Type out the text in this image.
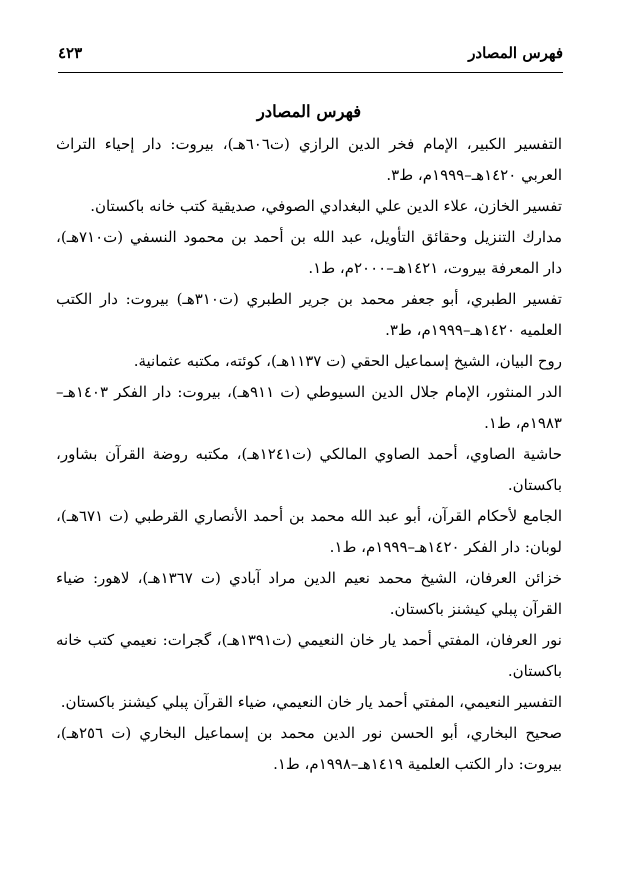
فهرس المصادر
٤٢٣
فهرس المصادر

التفسير الكبير، الإمام فخر الدين الرازي (ت٦٠٦هـ)، بيروت: دار إحياء التراث العربي ١٤٢٠هـ–١٩٩٩م، ط٣.

تفسير الخازن، علاء الدين علي البغدادي الصوفي، صديقية كتب خانه باكستان.

مدارك التنزيل وحقائق التأويل، عبد الله بن أحمد بن محمود النسفي (ت٧١٠هـ)، دار المعرفة بيروت، ١٤٢١هـ–٢٠٠٠م، ط١.

تفسير الطبري، أبو جعفر محمد بن جرير الطبري (ت٣١٠هـ) بيروت: دار الكتب العلميه ١٤٢٠هـ–١٩٩٩م، ط٣.

روح البيان، الشيخ إسماعيل الحقي (ت ١١٣٧هـ)، كوئته، مكتبه عثمانية.

الدر المنثور، الإمام جلال الدين السيوطي (ت ٩١١هـ)، بيروت: دار الفكر ١٤٠٣هـ–١٩٨٣م، ط١.

حاشية الصاوي، أحمد الصاوي المالكي (ت١٢٤١هـ)، مكتبه روضة القرآن بشاور، باكستان.

الجامع لأحكام القرآن، أبو عبد الله محمد بن أحمد الأنصاري القرطبي (ت ٦٧١هـ)، لوبان: دار الفكر ١٤٢٠هـ–١٩٩٩م، ط١.

خزائن العرفان، الشيخ محمد نعيم الدين مراد آبادي (ت ١٣٦٧هـ)، لاهور: ضياء القرآن پبلي كيشنز باكستان.

نور العرفان، المفتي أحمد يار خان النعيمي (ت١٣٩١هـ)، گجرات: نعيمي كتب خانه باكستان.

التفسير النعيمي، المفتي أحمد يار خان النعيمي، ضياء القرآن پبلي كيشنز باكستان.

صحيح البخاري، أبو الحسن نور الدين محمد بن إسماعيل البخاري (ت ٢٥٦هـ)، بيروت: دار الكتب العلمية ١٤١٩هـ–١٩٩٨م، ط١.
